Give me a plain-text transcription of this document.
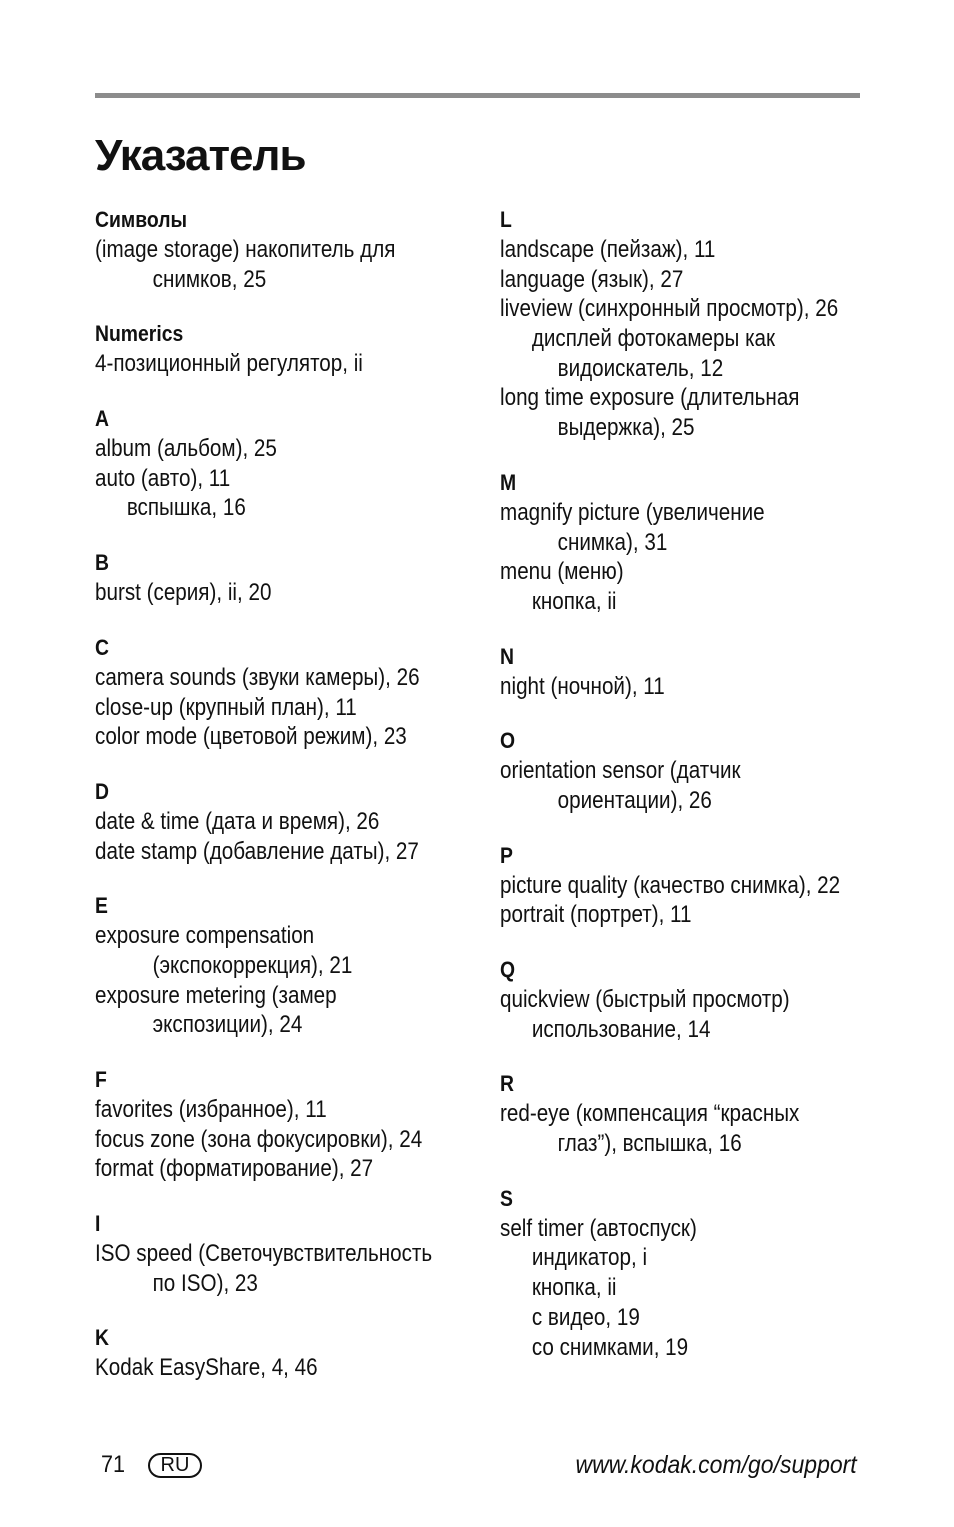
Указатель
Символы
(image storage) накопитель для
снимков, 25
Numerics
4-позиционный регулятор, ii
A
album (альбом), 25
auto (авто), 11
вспышка, 16
B
burst (серия), ii, 20
C
camera sounds (звуки камеры), 26
close-up (крупный план), 11
color mode (цветовой режим), 23
D
date & time (дата и время), 26
date stamp (добавление даты), 27
E
exposure compensation
(экспокоррекция), 21
exposure metering (замер
экспозиции), 24
F
favorites (избранное), 11
focus zone (зона фокусировки), 24
format (форматирование), 27
I
ISO speed (Светочувствительность
по ISO), 23
K
Kodak EasyShare, 4, 46
L
landscape (пейзаж), 11
language (язык), 27
liveview (синхронный просмотр), 26
дисплей фотокамеры как
видоискатель, 12
long time exposure (длительная
выдержка), 25
M
magnify picture (увеличение
снимка), 31
menu (меню)
кнопка, ii
N
night (ночной), 11
O
orientation sensor (датчик
ориентации), 26
P
picture quality (качество снимка), 22
portrait (портрет), 11
Q
quickview (быстрый просмотр)
использование, 14
R
red-eye (компенсация “красных
глаз”), вспышка, 16
S
self timer (автоспуск)
индикатор, i
кнопка, ii
с видео, 19
со снимками, 19
71	RU	www.kodak.com/go/support
